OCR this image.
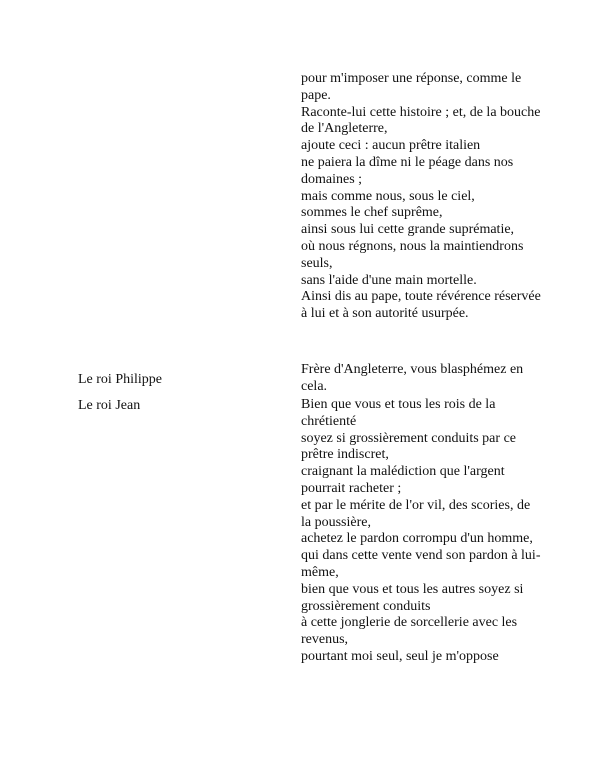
pour m'imposer une réponse, comme le pape.
Raconte-lui cette histoire ; et, de la bouche de l'Angleterre,
ajoute ceci : aucun prêtre italien
ne paiera la dîme ni le péage dans nos domaines ;
mais comme nous, sous le ciel,
sommes le chef suprême,
ainsi sous lui cette grande suprématie,
où nous régnons, nous la maintiendrons seuls,
sans l'aide d'une main mortelle.
Ainsi dis au pape, toute révérence réservée
à lui et à son autorité usurpée.
Le roi Philippe
Frère d'Angleterre, vous blasphémez en cela.
Le roi Jean	Bien que vous et tous les rois de la chrétienté
soyez si grossièrement conduits par ce prêtre indiscret,
craignant la malédiction que l'argent pourrait racheter ;
et par le mérite de l'or vil, des scories, de la poussière,
achetez le pardon corrompu d'un homme,
qui dans cette vente vend son pardon à lui-même,
bien que vous et tous les autres soyez si grossièrement conduits
à cette jonglerie de sorcellerie avec les revenus,
pourtant moi seul, seul je m'oppose
